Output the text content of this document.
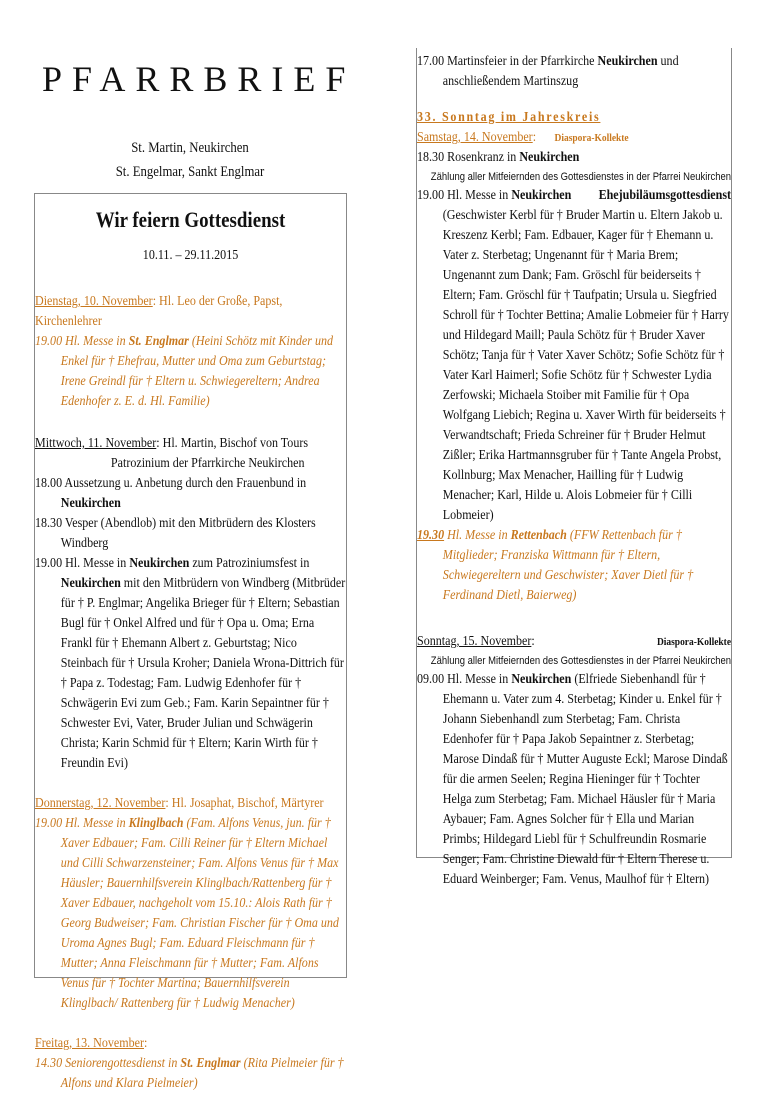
PFARRBRIEF
St. Martin, Neukirchen
St. Engelmar, Sankt Englmar
Wir feiern Gottesdienst
10.11. – 29.11.2015

Dienstag, 10. November: Hl. Leo der Große, Papst, Kirchenlehrer

19.00 Hl. Messe in St. Englmar (Heini Schötz mit Kinder und Enkel für † Ehefrau, Mutter und Oma zum Geburtstag; Irene Greindl für † Eltern u. Schwiegereltern; Andrea Edenhofer z. E. d. Hl. Familie)

Mittwoch, 11. November: Hl. Martin, Bischof von Tours

Patrozinium der Pfarrkirche Neukirchen

18.00 Aussetzung u. Anbetung durch den Frauenbund in Neukirchen

18.30 Vesper (Abendlob) mit den Mitbrüdern des Klosters Windberg

19.00 Hl. Messe in Neukirchen zum Patroziniumsfest in Neukirchen mit den Mitbrüdern von Windberg (Mitbrüder für † P. Englmar; Angelika Brieger für † Eltern; Sebastian Bugl für † Onkel Alfred und für † Opa u. Oma; Erna Frankl für † Ehemann Albert z. Geburtstag; Nico Steinbach für † Ursula Kroher; Daniela Wrona-Dittrich für † Papa z. Todestag; Fam. Ludwig Edenhofer für † Schwägerin Evi zum Geb.; Fam. Karin Sepaintner für † Schwester Evi, Vater, Bruder Julian und Schwägerin Christa; Karin Schmid für † Eltern; Karin Wirth für † Freundin Evi)

Donnerstag, 12. November: Hl. Josaphat, Bischof, Märtyrer

19.00 Hl. Messe in Klinglbach (Fam. Alfons Venus, jun. für † Xaver Edbauer; Fam. Cilli Reiner für † Eltern Michael und Cilli Schwarzensteiner; Fam. Alfons Venus für † Max Häusler; Bauernhilfsverein Klinglbach/Rattenberg für † Xaver Edbauer, nachgeholt vom 15.10.: Alois Rath für † Georg Budweiser; Fam. Christian Fischer für † Oma und Uroma Agnes Bugl; Fam. Eduard Fleischmann für † Mutter; Anna Fleischmann für † Mutter; Fam. Alfons Venus für † Tochter Martina; Bauernhilfsverein Klinglbach/ Rattenberg für † Ludwig Menacher)

Freitag, 13. November:

14.30 Seniorengottesdienst in St. Englmar (Rita Pielmeier für † Alfons und Klara Pielmeier)

17.00 Martinsfeier in der Pfarrkirche Neukirchen und anschließendem Martinszug

33. Sonntag im Jahreskreis

Samstag, 14. November: Diaspora-Kollekte

18.30 Rosenkranz in Neukirchen

Zählung aller Mitfeiernden des Gottesdienstes in der Pfarrei Neukirchen

19.00 Hl. Messe in Neukirchen Ehejubiläumsgottesdienst

(Geschwister Kerbl für † Bruder Martin u. Eltern Jakob u. Kreszenz Kerbl; Fam. Edbauer, Kager für † Ehemann u. Vater z. Sterbetag; Ungenannt für † Maria Brem; Ungenannt zum Dank; Fam. Gröschl für beiderseits † Eltern; Fam. Gröschl für † Taufpatin; Ursula u. Siegfried Schroll für † Tochter Bettina; Amalie Lobmeier für † Harry und Hildegard Maill; Paula Schötz für † Bruder Xaver Schötz; Tanja für † Vater Xaver Schötz; Sofie Schötz für † Vater Karl Haimerl; Sofie Schötz für † Schwester Lydia Zerfowski; Michaela Stoiber mit Familie für † Opa Wolfgang Liebich; Regina u. Xaver Wirth für beiderseits † Verwandtschaft; Frieda Schreiner für † Bruder Helmut Zißler; Erika Hartmannsgruber für † Tante Angela Probst, Kollnburg; Max Menacher, Hailling für † Ludwig Menacher; Karl, Hilde u. Alois Lobmeier für † Cilli Lobmeier)

19.30 Hl. Messe in Rettenbach (FFW Rettenbach für † Mitglieder; Franziska Wittmann für † Eltern, Schwiegereltern und Geschwister; Xaver Dietl für † Ferdinand Dietl, Baierweg)

Sonntag, 15. November:	Diaspora-Kollekte

Zählung aller Mitfeiernden des Gottesdienstes in der Pfarrei Neukirchen

09.00 Hl. Messe in Neukirchen (Elfriede Siebenhandl für † Ehemann u. Vater zum 4. Sterbetag; Kinder u. Enkel für † Johann Siebenhandl zum Sterbetag; Fam. Christa Edenhofer für † Papa Jakob Sepaintner z. Sterbetag; Marose Dindaß für † Mutter Auguste Eckl; Marose Dindaß für die armen Seelen; Regina Hieninger für † Tochter Helga zum Sterbetag; Fam. Michael Häusler für † Maria Aybauer; Fam. Agnes Solcher für † Ella und Marian Primbs; Hildegard Liebl für † Schulfreundin Rosmarie Senger; Fam. Christine Diewald für † Eltern Therese u. Eduard Weinberger; Fam. Venus, Maulhof für † Eltern)
